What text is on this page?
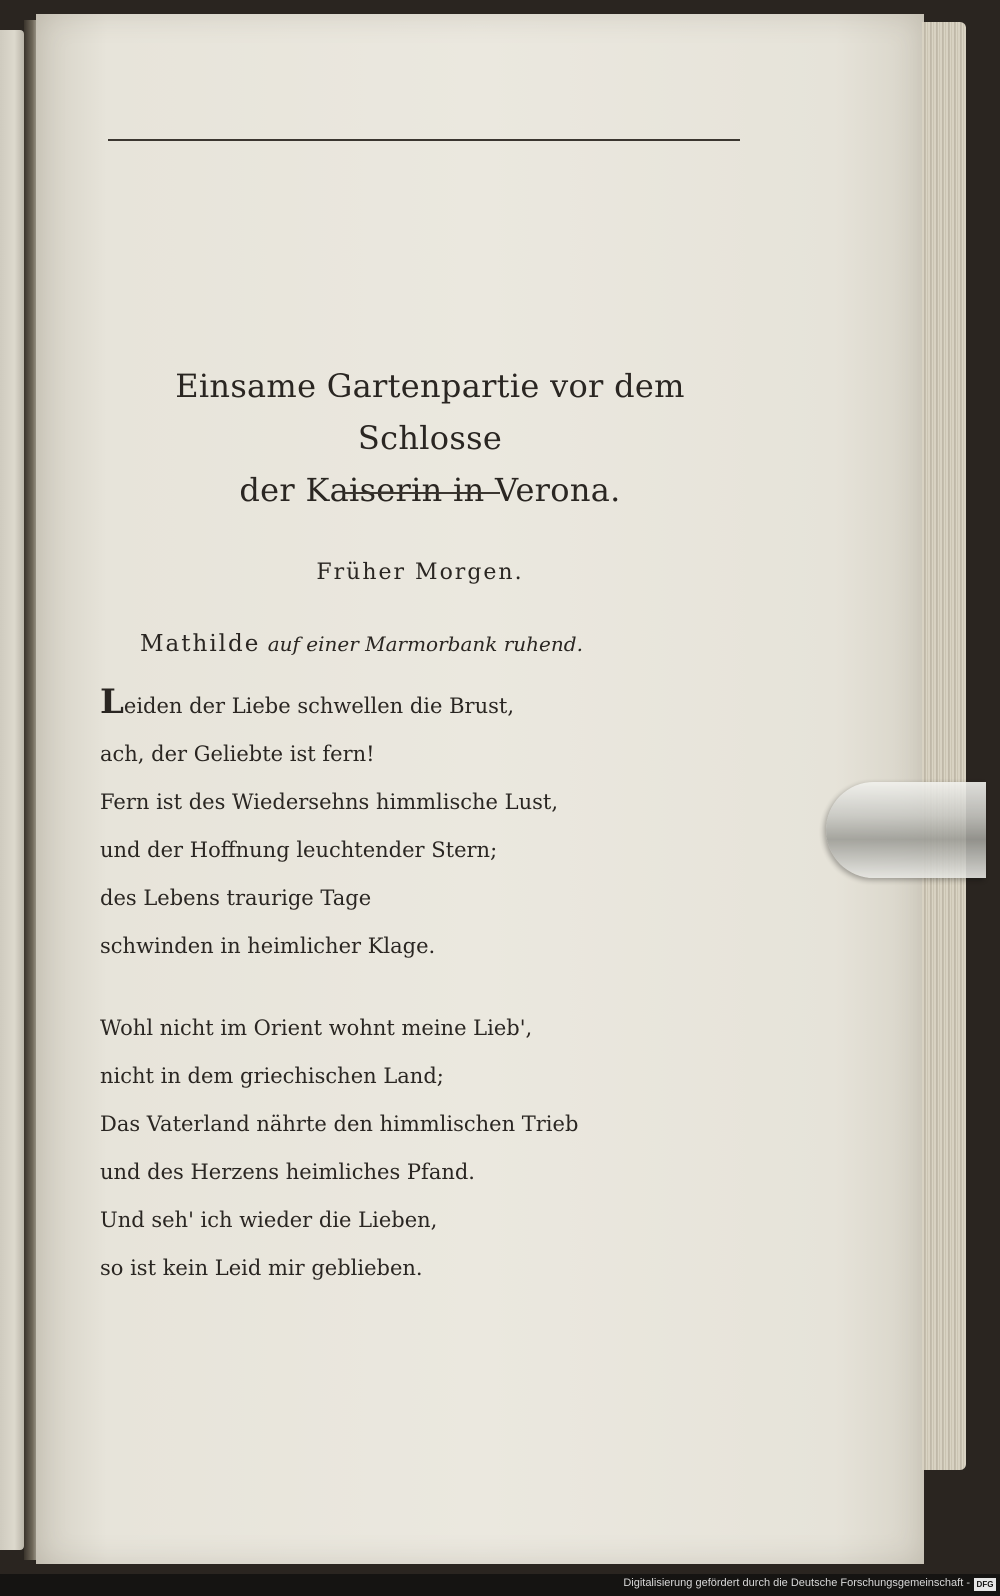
Einsame Gartenpartie vor dem Schlosse
der Kaiserin in Verona.
Früher Morgen.
Mathilde auf einer Marmorbank ruhend.
Leiden der Liebe schwellen die Brust,
ach, der Geliebte ist fern!
Fern ist des Wiedersehns himmlische Lust,
und der Hoffnung leuchtender Stern;
des Lebens traurige Tage
schwinden in heimlicher Klage.
Wohl nicht im Orient wohnt meine Lieb',
nicht in dem griechischen Land;
Das Vaterland nährte den himmlischen Trieb
und des Herzens heimliches Pfand.
Und seh' ich wieder die Lieben,
so ist kein Leid mir geblieben.
Digitalisierung gefördert durch die Deutsche Forschungsgemeinschaft - DFG
